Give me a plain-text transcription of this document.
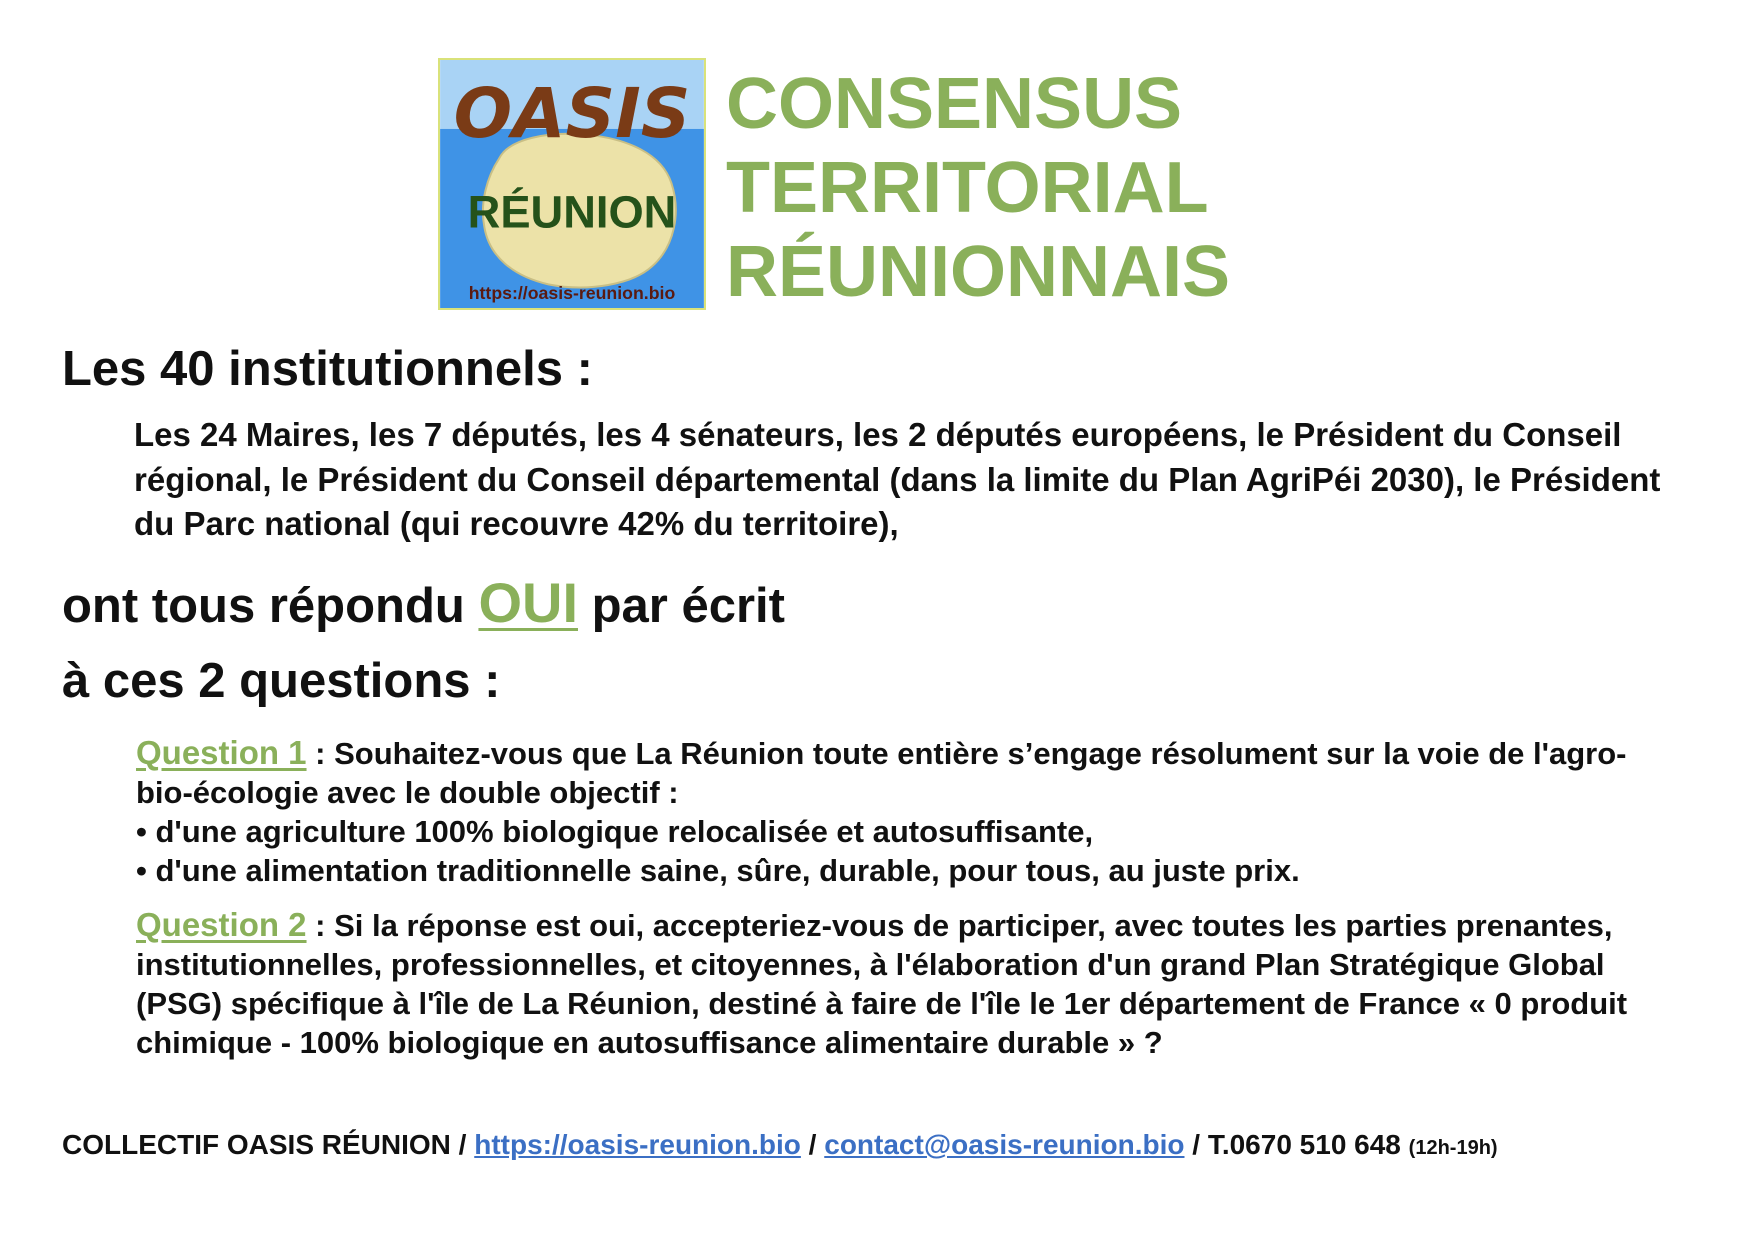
OASIS
RÉUNION
https://oasis-reunion.bio
CONSENSUS
TERRITORIAL
RÉUNIONNAIS

Les 40 institutionnels :

Les 24 Maires, les 7 députés, les 4 sénateurs, les 2 députés européens, le Président du Conseil régional, le Président du Conseil départemental (dans la limite du Plan AgriPéi 2030), le Président du Parc national (qui recouvre 42% du territoire),

ont tous répondu OUI par écrit

à ces 2 questions :

Question 1 : Souhaitez-vous que La Réunion toute entière s’engage résolument sur la voie de l'agro-bio-écologie avec le double objectif :
• d'une agriculture 100% biologique relocalisée et autosuffisante,
• d'une alimentation traditionnelle saine, sûre, durable, pour tous, au juste prix.
Question 2 : Si la réponse est oui, accepteriez-vous de participer, avec toutes les parties prenantes, institutionnelles, professionnelles, et citoyennes, à l'élaboration d'un grand Plan Stratégique Global (PSG) spécifique à l'île de La Réunion, destiné à faire de l'île le 1er département de France « 0 produit chimique - 100% biologique en autosuffisance alimentaire durable » ?

COLLECTIF OASIS RÉUNION / https://oasis-reunion.bio / contact@oasis-reunion.bio / T.0670 510 648 (12h-19h)
